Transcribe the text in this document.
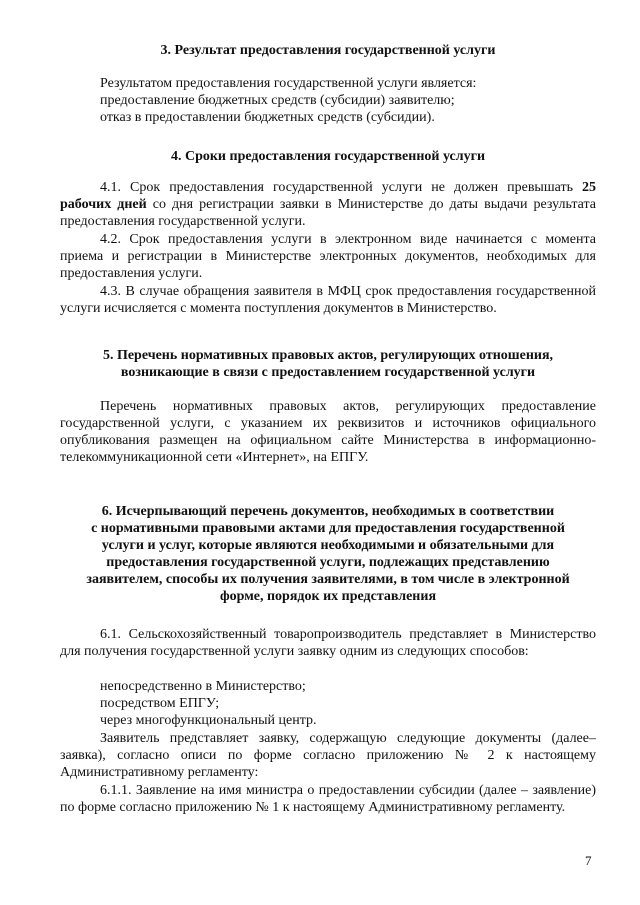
3. Результат предоставления государственной услуги
Результатом предоставления государственной услуги является:
предоставление бюджетных средств (субсидии) заявителю;
отказ в предоставлении бюджетных средств (субсидии).
4. Сроки предоставления государственной услуги
4.1. Срок предоставления государственной услуги не должен превышать 25 рабочих дней со дня регистрации заявки в Министерстве до даты выдачи результата предоставления государственной услуги.
4.2. Срок предоставления услуги в электронном виде начинается с момента приема и регистрации в Министерстве электронных документов, необходимых для предоставления услуги.
4.3. В случае обращения заявителя в МФЦ срок предоставления государственной услуги исчисляется с момента поступления документов в Министерство.
5. Перечень нормативных правовых актов, регулирующих отношения,
возникающие в связи с предоставлением государственной услуги
Перечень нормативных правовых актов, регулирующих предоставление государственной услуги, с указанием их реквизитов и источников официального опубликования размещен на официальном сайте Министерства в информационно-телекоммуникационной сети «Интернет», на ЕПГУ.
6. Исчерпывающий перечень документов, необходимых в соответствии
с нормативными правовыми актами для предоставления государственной
услуги и услуг, которые являются необходимыми и обязательными для
предоставления государственной услуги, подлежащих представлению
заявителем, способы их получения заявителями, в том числе в электронной
форме, порядок их представления
6.1. Сельскохозяйственный товаропроизводитель представляет в Министерство для получения государственной услуги заявку одним из следующих способов:
непосредственно в Министерство;
посредством ЕПГУ;
через многофункциональный центр.
Заявитель представляет заявку, содержащую следующие документы (далее– заявка), согласно описи по форме согласно приложению № 2 к настоящему Административному регламенту:
6.1.1. Заявление на имя министра о предоставлении субсидии (далее – заявление) по форме согласно приложению № 1 к настоящему Административному регламенту.
7
